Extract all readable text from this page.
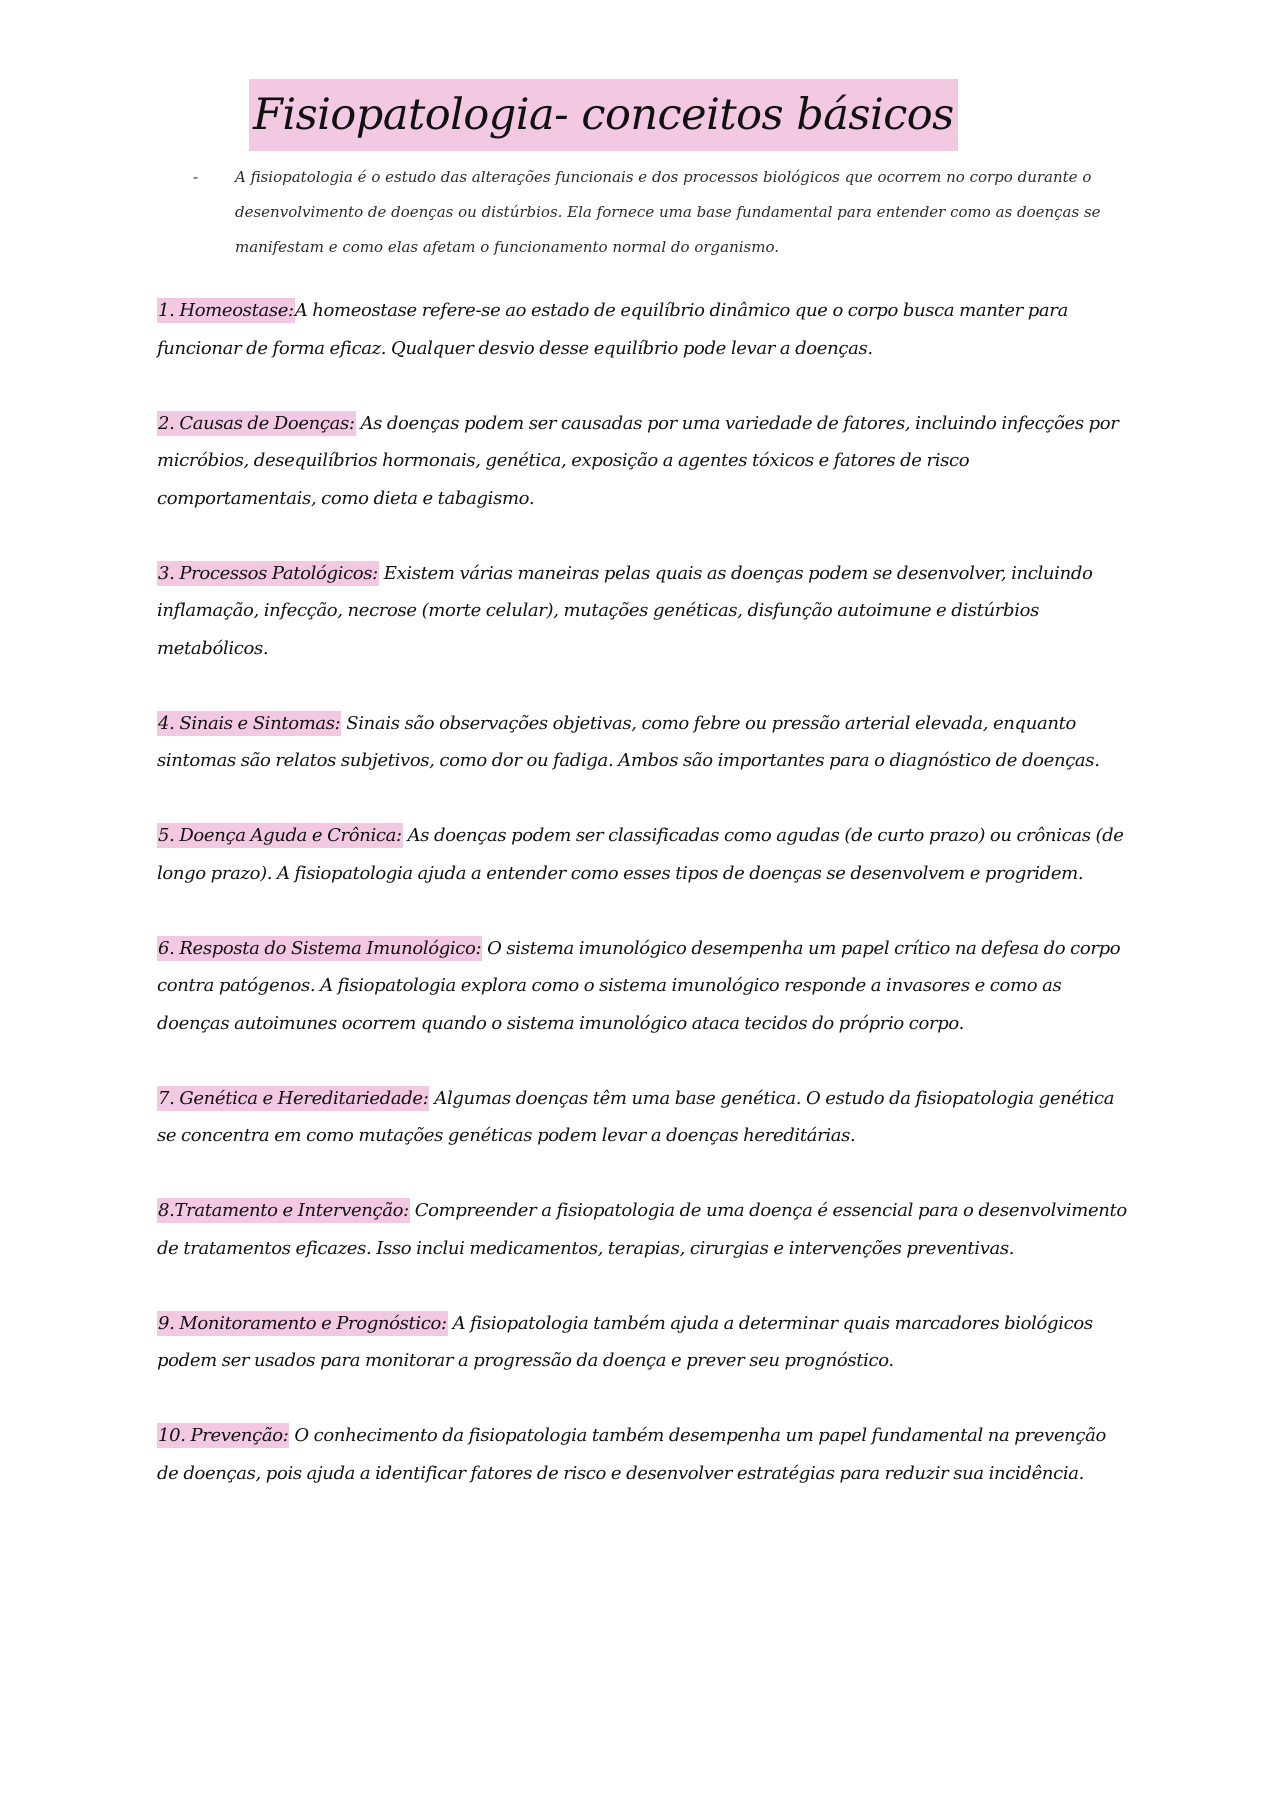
Fisiopatologia- conceitos básicos
-	A fisiopatologia é o estudo das alterações funcionais e dos processos biológicos que ocorrem no corpo durante o desenvolvimento de doenças ou distúrbios. Ela fornece uma base fundamental para entender como as doenças se manifestam e como elas afetam o funcionamento normal do organismo.

1. Homeostase:A homeostase refere-se ao estado de equilíbrio dinâmico que o corpo busca manter para funcionar de forma eficaz. Qualquer desvio desse equilíbrio pode levar a doenças.

2. Causas de Doenças: As doenças podem ser causadas por uma variedade de fatores, incluindo infecções por micróbios, desequilíbrios hormonais, genética, exposição a agentes tóxicos e fatores de risco comportamentais, como dieta e tabagismo.

3. Processos Patológicos: Existem várias maneiras pelas quais as doenças podem se desenvolver, incluindo inflamação, infecção, necrose (morte celular), mutações genéticas, disfunção autoimune e distúrbios metabólicos.

4. Sinais e Sintomas: Sinais são observações objetivas, como febre ou pressão arterial elevada, enquanto sintomas são relatos subjetivos, como dor ou fadiga. Ambos são importantes para o diagnóstico de doenças.

5. Doença Aguda e Crônica: As doenças podem ser classificadas como agudas (de curto prazo) ou crônicas (de longo prazo). A fisiopatologia ajuda a entender como esses tipos de doenças se desenvolvem e progridem.

6. Resposta do Sistema Imunológico: O sistema imunológico desempenha um papel crítico na defesa do corpo contra patógenos. A fisiopatologia explora como o sistema imunológico responde a invasores e como as doenças autoimunes ocorrem quando o sistema imunológico ataca tecidos do próprio corpo.

7. Genética e Hereditariedade: Algumas doenças têm uma base genética. O estudo da fisiopatologia genética se concentra em como mutações genéticas podem levar a doenças hereditárias.

8.Tratamento e Intervenção: Compreender a fisiopatologia de uma doença é essencial para o desenvolvimento de tratamentos eficazes. Isso inclui medicamentos, terapias, cirurgias e intervenções preventivas.

9. Monitoramento e Prognóstico: A fisiopatologia também ajuda a determinar quais marcadores biológicos podem ser usados para monitorar a progressão da doença e prever seu prognóstico.

10. Prevenção: O conhecimento da fisiopatologia também desempenha um papel fundamental na prevenção de doenças, pois ajuda a identificar fatores de risco e desenvolver estratégias para reduzir sua incidência.
